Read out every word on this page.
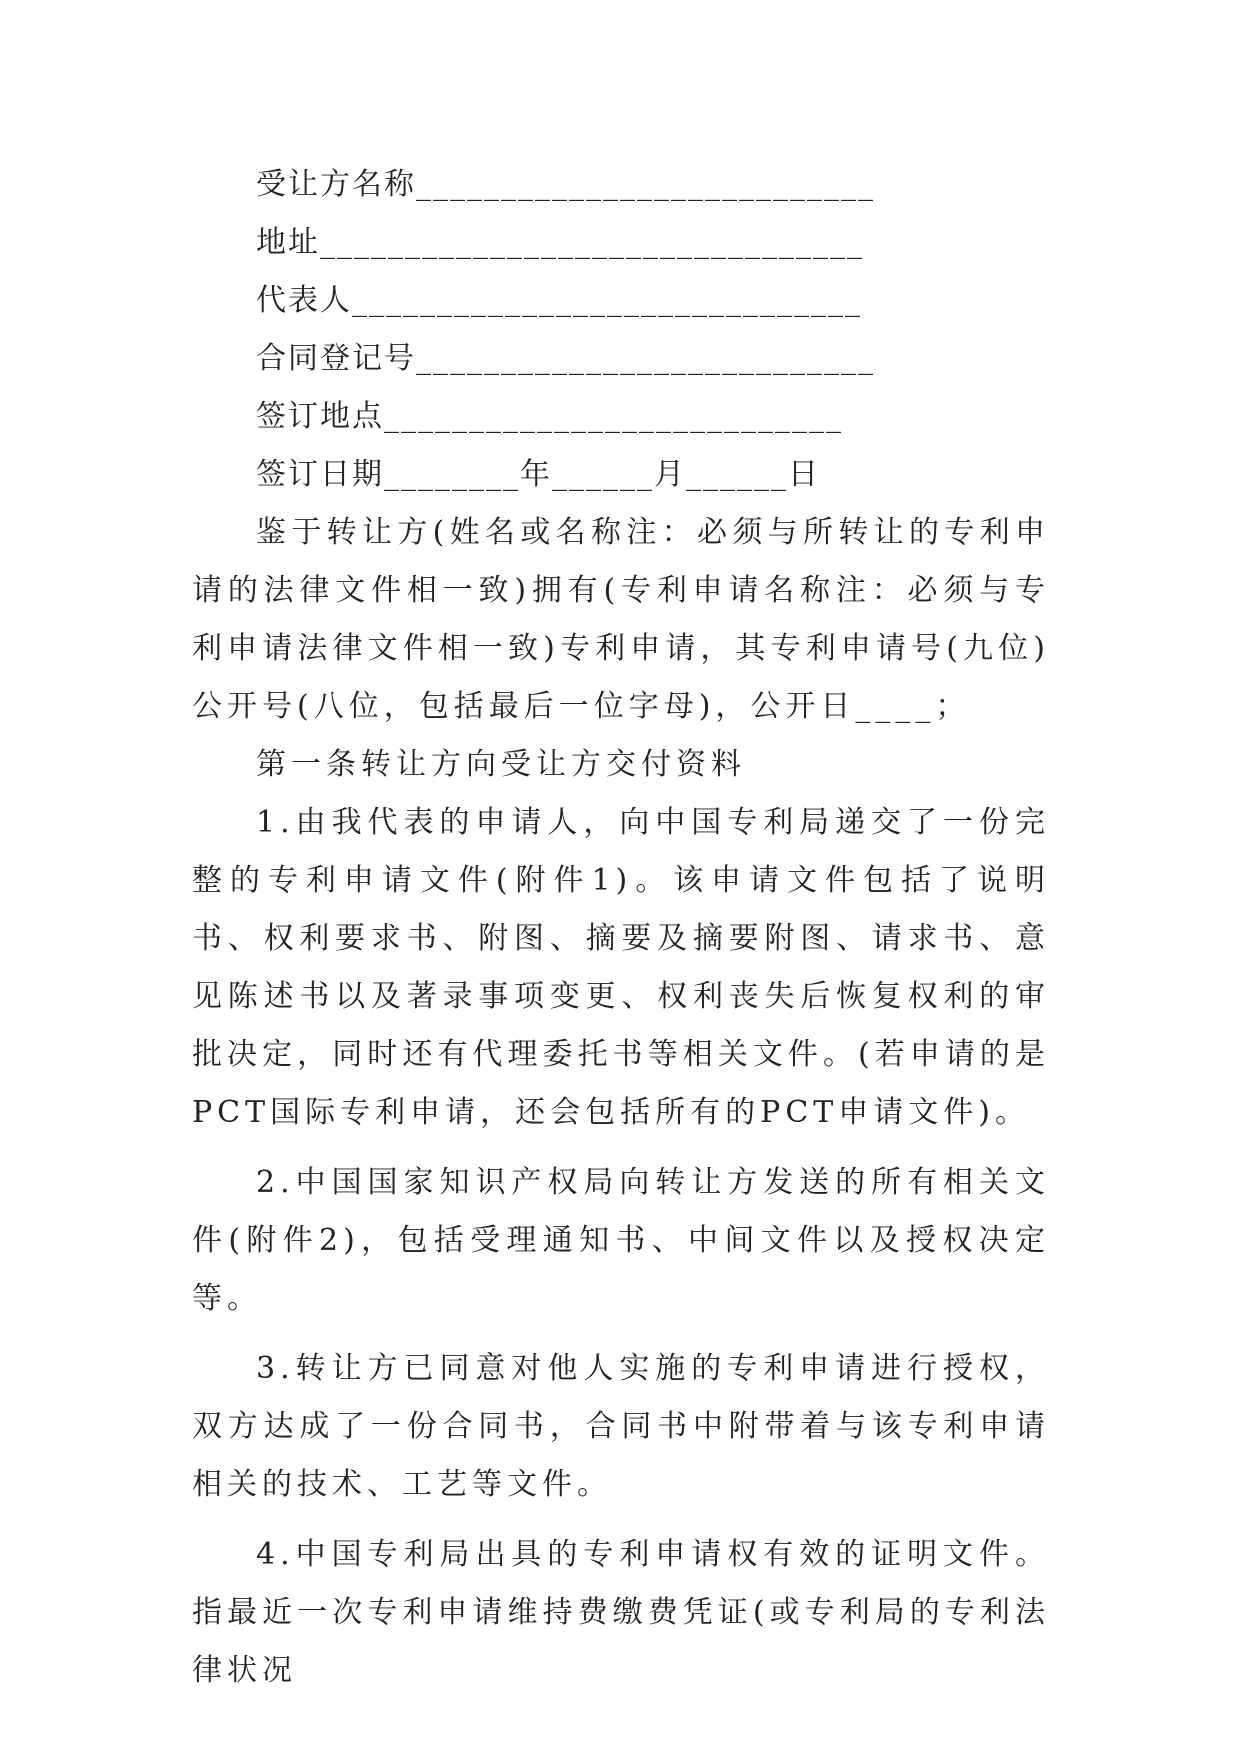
受让方名称___________________________
地址________________________________
代表人______________________________
合同登记号___________________________
签订地点___________________________
签订日期________年______月______日

鉴于转让方(姓名或名称注：必须与所转让的专利申请的法律文件相一致)拥有(专利申请名称注：必须与专利申请法律文件相一致)专利申请，其专利申请号(九位)公开号(八位，包括最后一位字母)，公开日____；

第一条转让方向受让方交付资料

1.由我代表的申请人，向中国专利局递交了一份完整的专利申请文件(附件1)。该申请文件包括了说明书、权利要求书、附图、摘要及摘要附图、请求书、意见陈述书以及著录事项变更、权利丧失后恢复权利的审批决定，同时还有代理委托书等相关文件。(若申请的是PCT国际专利申请，还会包括所有的PCT申请文件)。

2.中国国家知识产权局向转让方发送的所有相关文件(附件2)，包括受理通知书、中间文件以及授权决定等。

3.转让方已同意对他人实施的专利申请进行授权，双方达成了一份合同书，合同书中附带着与该专利申请相关的技术、工艺等文件。

4.中国专利局出具的专利申请权有效的证明文件。指最近一次专利申请维持费缴费凭证(或专利局的专利法律状况
